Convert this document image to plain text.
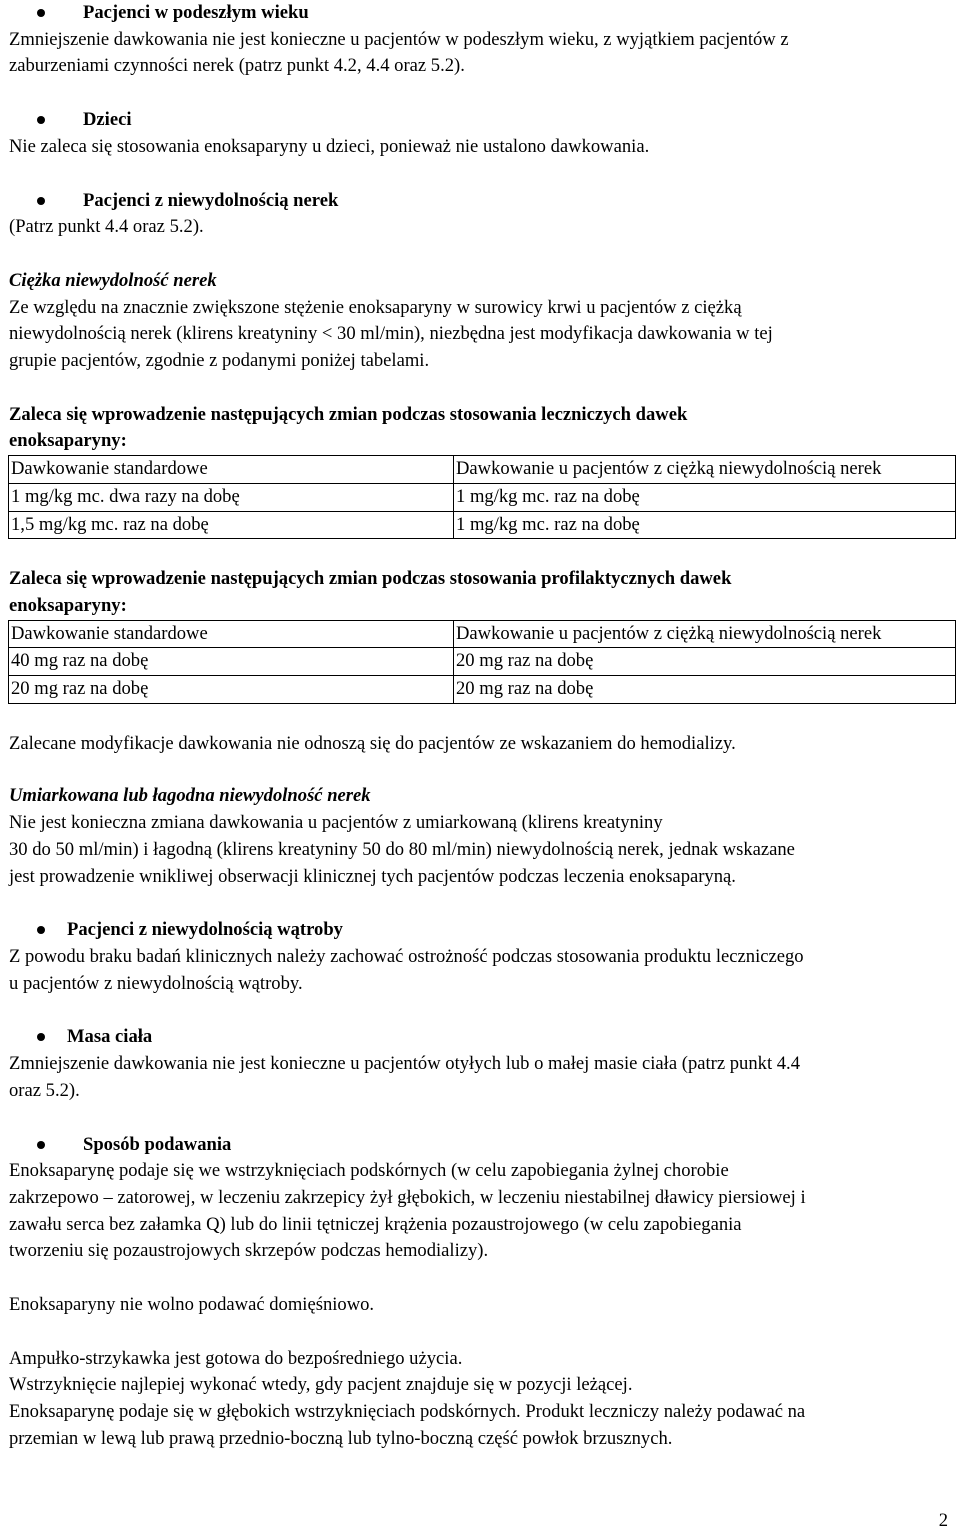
Pacjenci w podeszłym wieku

Zmniejszenie dawkowania nie jest konieczne u pacjentów w podeszłym wieku, z wyjątkiem pacjentów z

zaburzeniami czynności nerek (patrz punkt 4.2, 4.4 oraz 5.2).

Dzieci

Nie zaleca się stosowania enoksaparyny u dzieci, ponieważ nie ustalono dawkowania.

Pacjenci z niewydolnością nerek

(Patrz punkt 4.4 oraz 5.2).

Ciężka niewydolność nerek

Ze względu na znacznie zwiększone stężenie enoksaparyny w surowicy krwi u pacjentów z ciężką

niewydolnością nerek (klirens kreatyniny < 30 ml/min), niezbędna jest modyfikacja dawkowania w tej

grupie pacjentów, zgodnie z podanymi poniżej tabelami.

Zaleca się wprowadzenie następujących zmian podczas stosowania leczniczych dawek

enoksaparyny:

Dawkowanie standardowe	Dawkowanie u pacjentów z ciężką niewydolnością nerek
1 mg/kg mc. dwa razy na dobę	1 mg/kg mc. raz na dobę
1,5 mg/kg mc. raz na dobę	1 mg/kg mc. raz na dobę

Zaleca się wprowadzenie następujących zmian podczas stosowania profilaktycznych dawek

enoksaparyny:

Dawkowanie standardowe	Dawkowanie u pacjentów z ciężką niewydolnością nerek
40 mg raz na dobę	20 mg raz na dobę
20 mg raz na dobę	20 mg raz na dobę

Zalecane modyfikacje dawkowania nie odnoszą się do pacjentów ze wskazaniem do hemodializy.

Umiarkowana lub łagodna niewydolność nerek

Nie jest konieczna zmiana dawkowania u pacjentów z umiarkowaną (klirens kreatyniny

30 do 50 ml/min) i łagodną (klirens kreatyniny 50 do 80 ml/min) niewydolnością nerek, jednak wskazane

jest prowadzenie wnikliwej obserwacji klinicznej tych pacjentów podczas leczenia enoksaparyną.

Pacjenci z niewydolnością wątroby

Z powodu braku badań klinicznych należy zachować ostrożność podczas stosowania produktu leczniczego

u pacjentów z niewydolnością wątroby.

Masa ciała

Zmniejszenie dawkowania nie jest konieczne u pacjentów otyłych lub o małej masie ciała (patrz punkt 4.4

oraz 5.2).

Sposób podawania

Enoksaparynę podaje się we wstrzyknięciach podskórnych (w celu zapobiegania żylnej chorobie

zakrzepowo – zatorowej, w leczeniu zakrzepicy żył głębokich, w leczeniu niestabilnej dławicy piersiowej i

zawału serca bez załamka Q) lub do linii tętniczej krążenia pozaustrojowego (w celu zapobiegania

tworzeniu się pozaustrojowych skrzepów podczas hemodializy).

Enoksaparyny nie wolno podawać domięśniowo.

Ampułko-strzykawka jest gotowa do bezpośredniego użycia.

Wstrzyknięcie najlepiej wykonać wtedy, gdy pacjent znajduje się w pozycji leżącej.

Enoksaparynę podaje się w głębokich wstrzyknięciach podskórnych. Produkt leczniczy należy podawać na

przemian w lewą lub prawą przednio-boczną lub tylno-boczną część powłok brzusznych.

2
